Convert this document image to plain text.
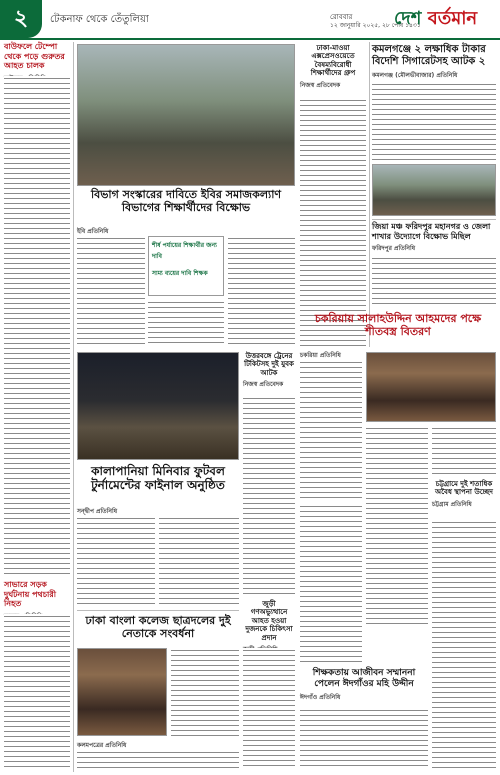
২	টেকনাফ থেকে তেঁতুলিয়া	রোববার
১২ জানুয়ারি ২০২৫, ২৮ পৌষ ১৪৩১
দেশ বর্তমান
বাউফলে টেম্পো থেকে পড়ে গুরুতর আহত চালক
সাভারে সড়ক দুর্ঘটনায় পথচারী নিহত
বিভাগ সংস্কারের দাবিতে ইবির সমাজকল্যাণ বিভাগের শিক্ষার্থীদের বিক্ষোভ
ইবি প্রতিনিধি
শীর্ষ পর্যায়ের শিক্ষার্থীর জন্য দাবি
সাম্য ব্যয়ের দাবি শিক্ষক
ঢাকা-মাওয়া এক্সপ্রেসওয়েতে বৈষম্যবিরোধী শিক্ষার্থীদের গ্রুপ
নিজস্ব প্রতিবেদক
কমলগঞ্জে ২ লক্ষাধিক টাকার বিদেশি সিগারেটসহ আটক ২
কমলগঞ্জ (মৌলভীবাজার) প্রতিনিধি
জিয়া মঞ্চ ফরিদপুর মহানগর ও জেলা শাখার উদ্যোগে বিক্ষোভ মিছিল
ফরিদপুর প্রতিনিধি
চকরিয়ায় সালাহউদ্দিন আহমদের পক্ষে শীতবস্ত্র বিতরণ
চকরিয়া প্রতিনিধি
চট্টগ্রামে দুই শতাধিক অবৈধ স্থাপনা উচ্ছেদ
চট্টগ্রাম প্রতিনিধি
উত্তরবঙ্গে ট্রেনের টিকিটসহ দুই যুবক আটক
নিজস্ব প্রতিবেদক
কালাপানিয়া মিনিবার ফুটবল টুর্নামেন্টের ফাইনাল অনুষ্ঠিত
সন্দ্বীপ প্রতিনিধি
জুড়ী গণঅভ্যুত্থানে আহত হওয়া দুজনকে চিকিৎসা প্রদান
ঢাকা বাংলা কলেজ ছাত্রদলের দুই নেতাকে সংবর্ধনা
কলমপত্রের প্রতিনিধি
শিক্ষকতায় আজীবন সম্মাননা পেলেন ঈদগাঁওর মহি উদ্দীন
ঈদগাঁও প্রতিনিধি
